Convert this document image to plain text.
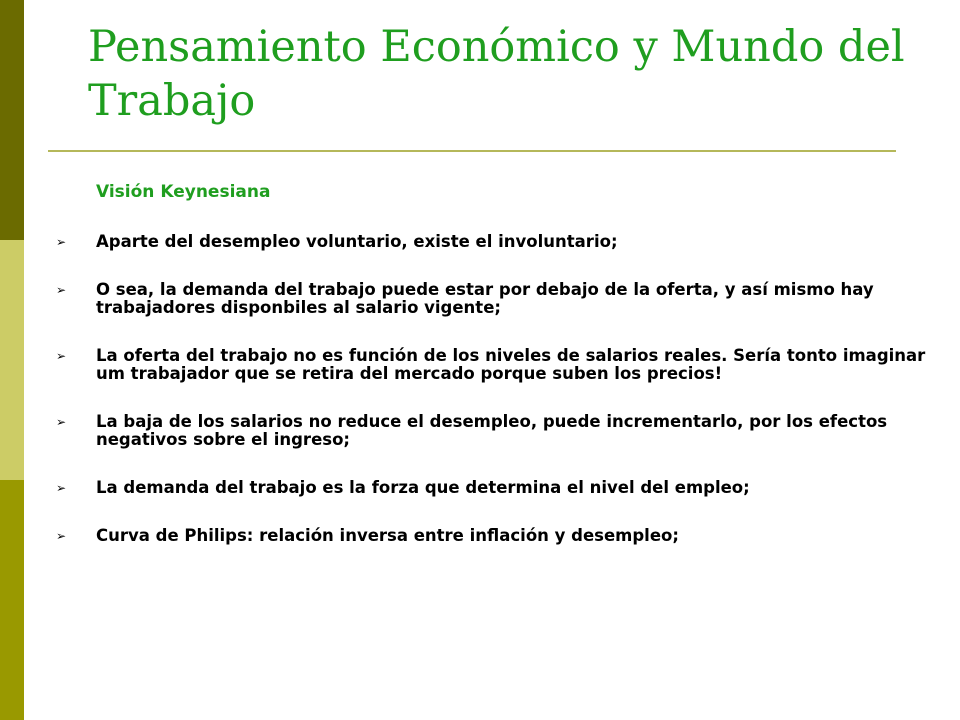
Pensamiento Económico y Mundo del Trabajo

Visión Keynesiana

➢ Aparte del desempleo voluntario, existe el involuntario;
➢ O sea, la demanda del trabajo puede estar por debajo de la oferta, y así mismo hay trabajadores disponbiles al salario vigente;
➢ La oferta del trabajo no es función de los niveles de salarios reales. Sería tonto imaginar um trabajador que se retira del mercado porque suben los precios!
➢ La baja de los salarios no reduce el desempleo, puede incrementarlo, por los efectos negativos sobre el ingreso;
➢ La demanda del trabajo es la forza que determina el nivel del empleo;
➢ Curva de Philips: relación inversa entre inflación y desempleo;
